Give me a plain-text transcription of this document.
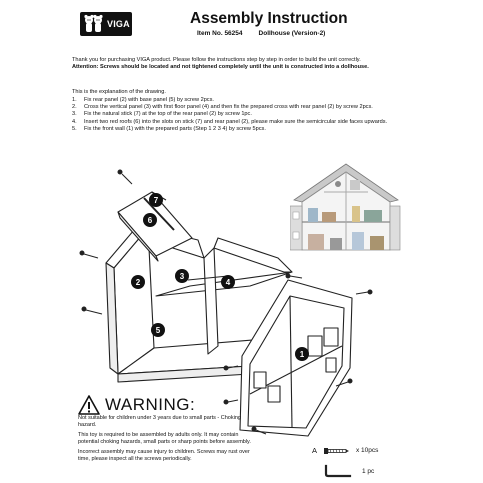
VIGA	Assembly Instruction
Item No. 56254 Dollhouse (Version-2)
Thank you for purchasing VIGA product. Please follow the instructions step by step in order to build the unit correctly.
Attention: Screws should be located and not tightened completely until the unit is constructed into a dollhouse.
This is the explanation of the drawing.
1. Fix rear panel (2) with base panel (5) by screw 2pcs.
2. Cross the vertical panel (3) with first floor panel (4) and then fix the prepared cross with rear panel (2) by screw 2pcs.
3. Fix the natural stick (7) at the top of the rear panel (2) by screw 1pc.
4. Insert two red roofs (6) into the slots on stick (7) and rear panel (2), please make sure the semicircular side faces upwards.
5. Fix the front wall (1) with the prepared parts (Step 1 2 3 4) by screw 5pcs.
1
2
3
4
5
6
7
WARNING:

Not suitable for children under 3 years due to small parts - Choking hazard.

This toy is required to be assembled by adults only. It may contain potential choking hazards, small parts or sharp points before assembly.

Incorrect assembly may cause injury to children. Screws may rust over time, please inspect all the screws periodically.

A	x 10pcs
1 pc
